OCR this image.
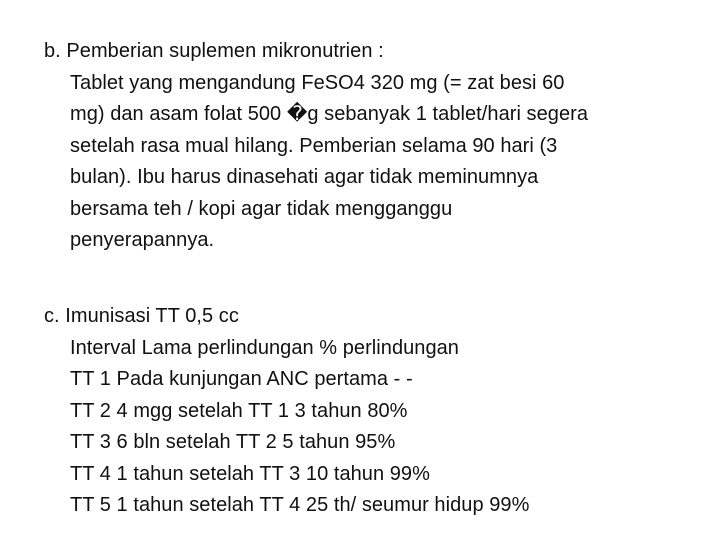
b. Pemberian suplemen mikronutrien :
Tablet yang mengandung FeSO4 320 mg (= zat besi 60
mg) dan asam folat 500 �g sebanyak 1 tablet/hari segera
setelah rasa mual hilang. Pemberian selama 90 hari (3
bulan). Ibu harus dinasehati agar tidak meminumnya
bersama teh / kopi agar tidak mengganggu
penyerapannya.
c. Imunisasi TT 0,5 cc
Interval Lama perlindungan % perlindungan
TT 1 Pada kunjungan ANC pertama - -
TT 2 4 mgg setelah TT 1 3 tahun 80%
TT 3 6 bln setelah TT 2 5 tahun 95%
TT 4 1 tahun setelah TT 3 10 tahun 99%
TT 5 1 tahun setelah TT 4 25 th/ seumur hidup 99%
